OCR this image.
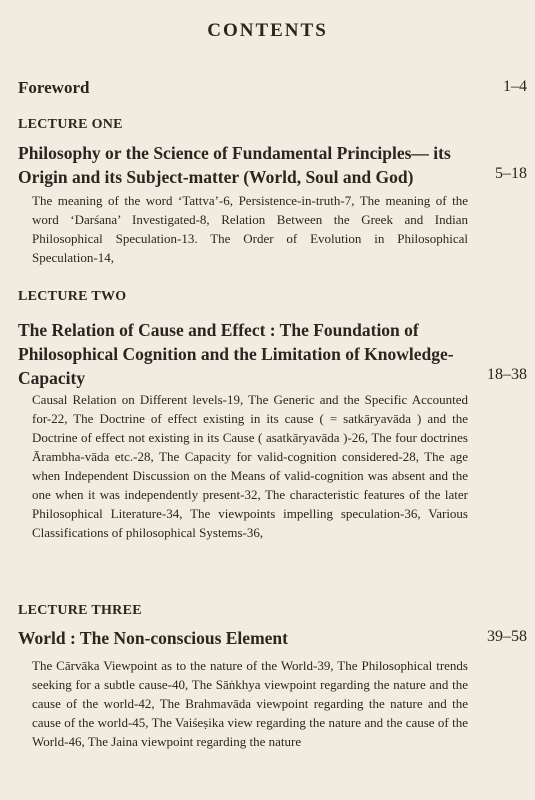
CONTENTS
Foreword	1–4
LECTURE ONE
Philosophy or the Science of Fundamental Principles— its Origin and its Subject-matter (World, Soul and God)	5–18
The meaning of the word ‘Tattva’-6, Persistence-in-truth-7, The meaning of the word ‘Darśana’ Investigated-8, Relation Between the Greek and Indian Philosophical Speculation-13. The Order of Evolution in Philosophical Speculation-14,
LECTURE TWO
The Relation of Cause and Effect : The Foundation of Philosophical Cognition and the Limitation of Knowledge-Capacity	18–38
Causal Relation on Different levels-19, The Generic and the Specific Accounted for-22, The Doctrine of effect existing in its cause ( = satkāryavāda ) and the Doctrine of effect not existing in its Cause ( asatkāryavāda )-26, The four doctrines Ārambha-vāda etc.-28, The Capacity for valid-cognition considered-28, The age when Independent Discussion on the Means of valid-cognition was absent and the one when it was independently present-32, The characteristic features of the later Philosophical Literature-34, The viewpoints impelling speculation-36, Various Classifications of philosophical Systems-36,
LECTURE THREE
World : The Non-conscious Element	39–58
The Cārvāka Viewpoint as to the nature of the World-39, The Philosophical trends seeking for a subtle cause-40, The Sāṅkhya viewpoint regarding the nature and the cause of the world-42, The Brahmavāda viewpoint regarding the nature and the cause of the world-45, The Vaiśeṣika view regarding the nature and the cause of the World-46, The Jaina viewpoint regarding the nature
